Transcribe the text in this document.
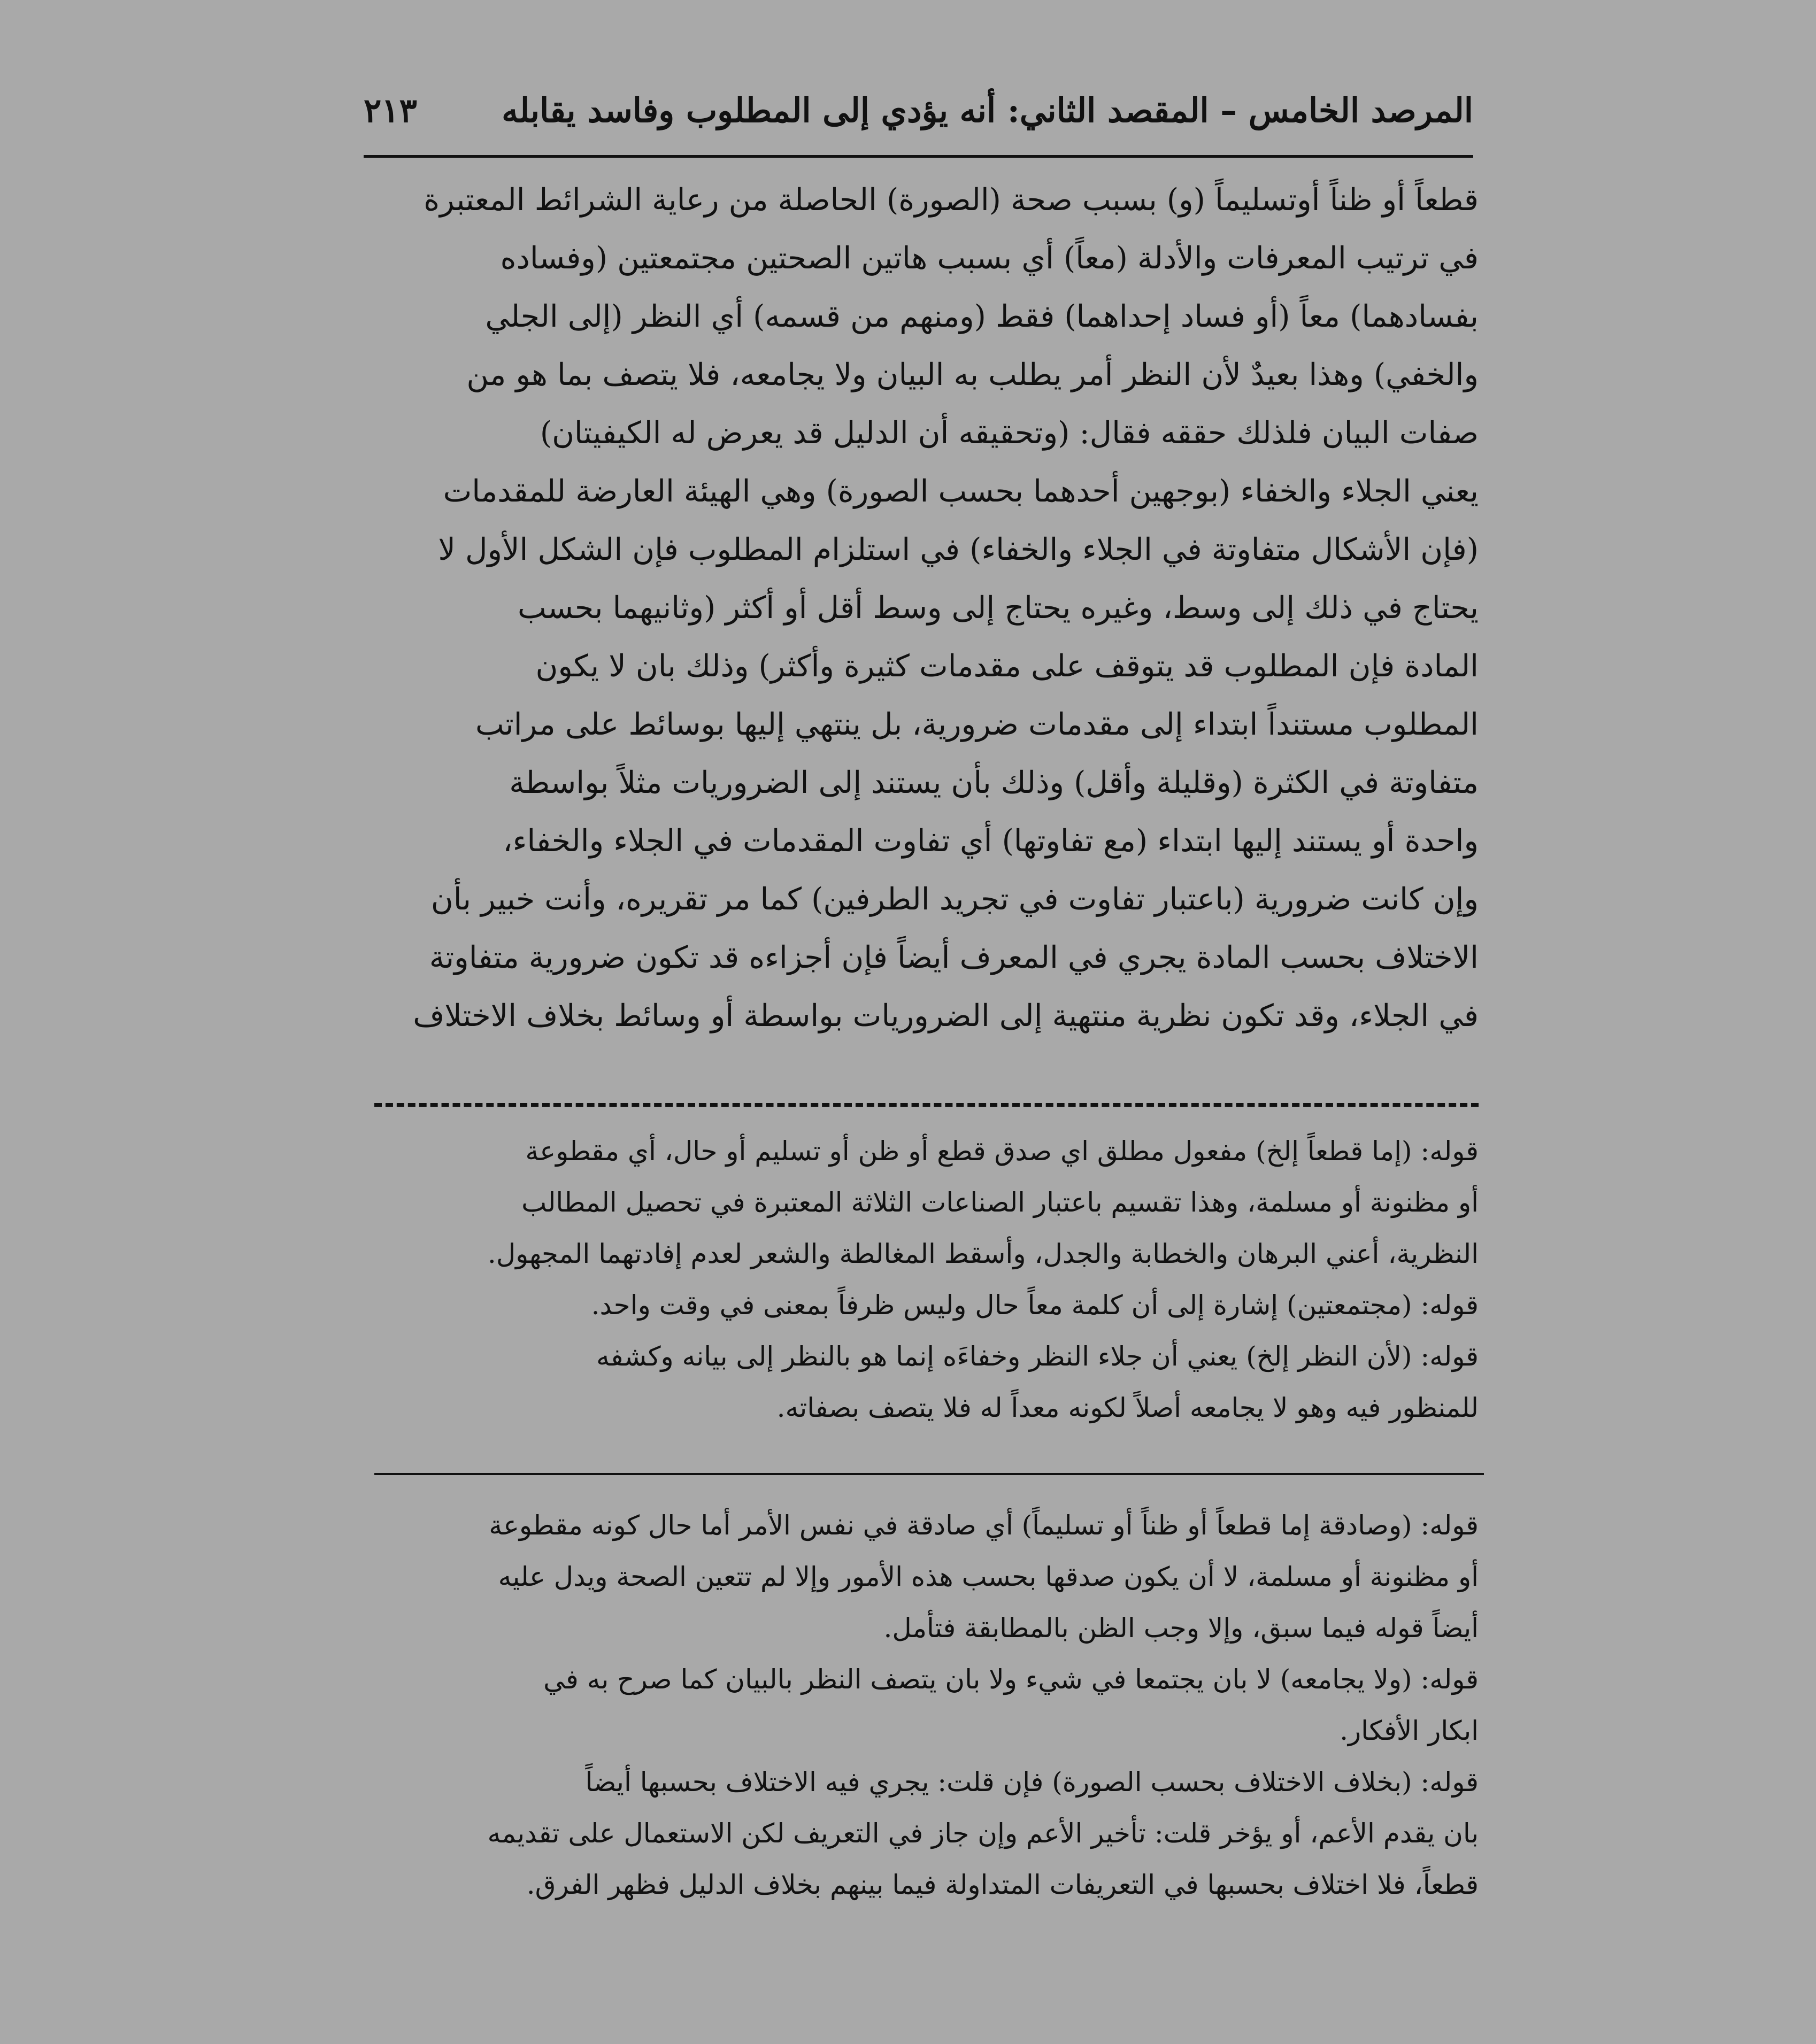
المرصد الخامس – المقصد الثاني: أنه يؤدي إلى المطلوب وفاسد يقابله
٢١٣
قطعاً أو ظناً أوتسليماً (و) بسبب صحة (الصورة) الحاصلة من رعاية الشرائط المعتبرة
في ترتيب المعرفات والأدلة (معاً) أي بسبب هاتين الصحتين مجتمعتين (وفساده
بفسادهما) معاً (أو فساد إحداهما) فقط (ومنهم من قسمه) أي النظر (إلى الجلي
والخفي) وهذا بعيدٌ لأن النظر أمر يطلب به البيان ولا يجامعه، فلا يتصف بما هو من
صفات البيان فلذلك حققه فقال: (وتحقيقه أن الدليل قد يعرض له الكيفيتان)
يعني الجلاء والخفاء (بوجهين أحدهما بحسب الصورة) وهي الهيئة العارضة للمقدمات
(فإن الأشكال متفاوتة في الجلاء والخفاء) في استلزام المطلوب فإن الشكل الأول لا
يحتاج في ذلك إلى وسط، وغيره يحتاج إلى وسط أقل أو أكثر (وثانيهما بحسب
المادة فإن المطلوب قد يتوقف على مقدمات كثيرة وأكثر) وذلك بان لا يكون
المطلوب مستنداً ابتداء إلى مقدمات ضرورية، بل ينتهي إليها بوسائط على مراتب
متفاوتة في الكثرة (وقليلة وأقل) وذلك بأن يستند إلى الضروريات مثلاً بواسطة
واحدة أو يستند إليها ابتداء (مع تفاوتها) أي تفاوت المقدمات في الجلاء والخفاء،
وإن كانت ضرورية (باعتبار تفاوت في تجريد الطرفين) كما مر تقريره، وأنت خبير بأن
الاختلاف بحسب المادة يجري في المعرف أيضاً فإن أجزاءه قد تكون ضرورية متفاوتة
في الجلاء، وقد تكون نظرية منتهية إلى الضروريات بواسطة أو وسائط بخلاف الاختلاف
قوله: (إما قطعاً إلخ) مفعول مطلق اي صدق قطع أو ظن أو تسليم أو حال، أي مقطوعة
أو مظنونة أو مسلمة، وهذا تقسيم باعتبار الصناعات الثلاثة المعتبرة في تحصيل المطالب
النظرية، أعني البرهان والخطابة والجدل، وأسقط المغالطة والشعر لعدم إفادتهما المجهول.
قوله: (مجتمعتين) إشارة إلى أن كلمة معاً حال وليس ظرفاً بمعنى في وقت واحد.
قوله: (لأن النظر إلخ) يعني أن جلاء النظر وخفاءَه إنما هو بالنظر إلى بيانه وكشفه
للمنظور فيه وهو لا يجامعه أصلاً لكونه معداً له فلا يتصف بصفاته.
قوله: (وصادقة إما قطعاً أو ظناً أو تسليماً) أي صادقة في نفس الأمر أما حال كونه مقطوعة
أو مظنونة أو مسلمة، لا أن يكون صدقها بحسب هذه الأمور وإلا لم تتعين الصحة ويدل عليه
أيضاً قوله فيما سبق، وإلا وجب الظن بالمطابقة فتأمل.
قوله: (ولا يجامعه) لا بان يجتمعا في شيء ولا بان يتصف النظر بالبيان كما صرح به في
ابكار الأفكار.
قوله: (بخلاف الاختلاف بحسب الصورة) فإن قلت: يجري فيه الاختلاف بحسبها أيضاً
بان يقدم الأعم، أو يؤخر قلت: تأخير الأعم وإن جاز في التعريف لكن الاستعمال على تقديمه
قطعاً، فلا اختلاف بحسبها في التعريفات المتداولة فيما بينهم بخلاف الدليل فظهر الفرق.
